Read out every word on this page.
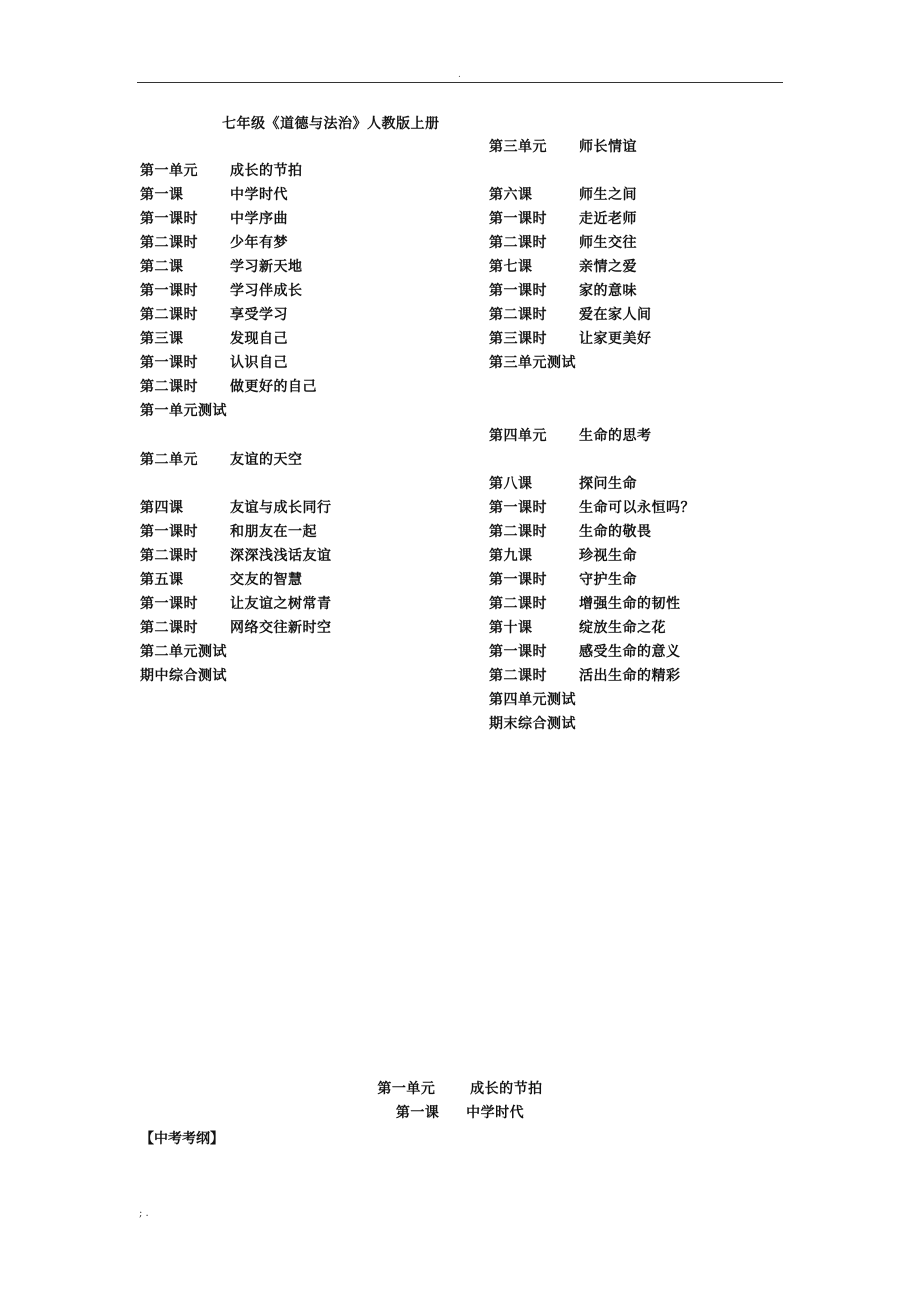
.
七年级《道德与法治》人教版上册
第一单元 成长的节拍
第一课	中学时代
第一课时 中学序曲
第二课时 少年有梦
第二课	学习新天地
第一课时 学习伴成长
第二课时 享受学习
第三课	发现自己
第一课时 认识自己
第二课时 做更好的自己
第一单元测试
第二单元 友谊的天空
第四课	友谊与成长同行
第一课时 和朋友在一起
第二课时 深深浅浅话友谊
第五课	交友的智慧
第一课时 让友谊之树常青
第二课时 网络交往新时空
第二单元测试
期中综合测试
第三单元 师长情谊
第六课	师生之间
第一课时 走近老师
第二课时 师生交往
第七课	亲情之爱
第一课时 家的意味
第二课时 爱在家人间
第三课时 让家更美好
第三单元测试
第四单元 生命的思考
第八课	探问生命
第一课时 生命可以永恒吗？
第二课时 生命的敬畏
第九课	珍视生命
第一课时 守护生命
第二课时 增强生命的韧性
第十课	绽放生命之花
第一课时 感受生命的意义
第二课时 活出生命的精彩
第四单元测试
期末综合测试
第一单元 成长的节拍
第一课 中学时代
【中考考纲】
; .
